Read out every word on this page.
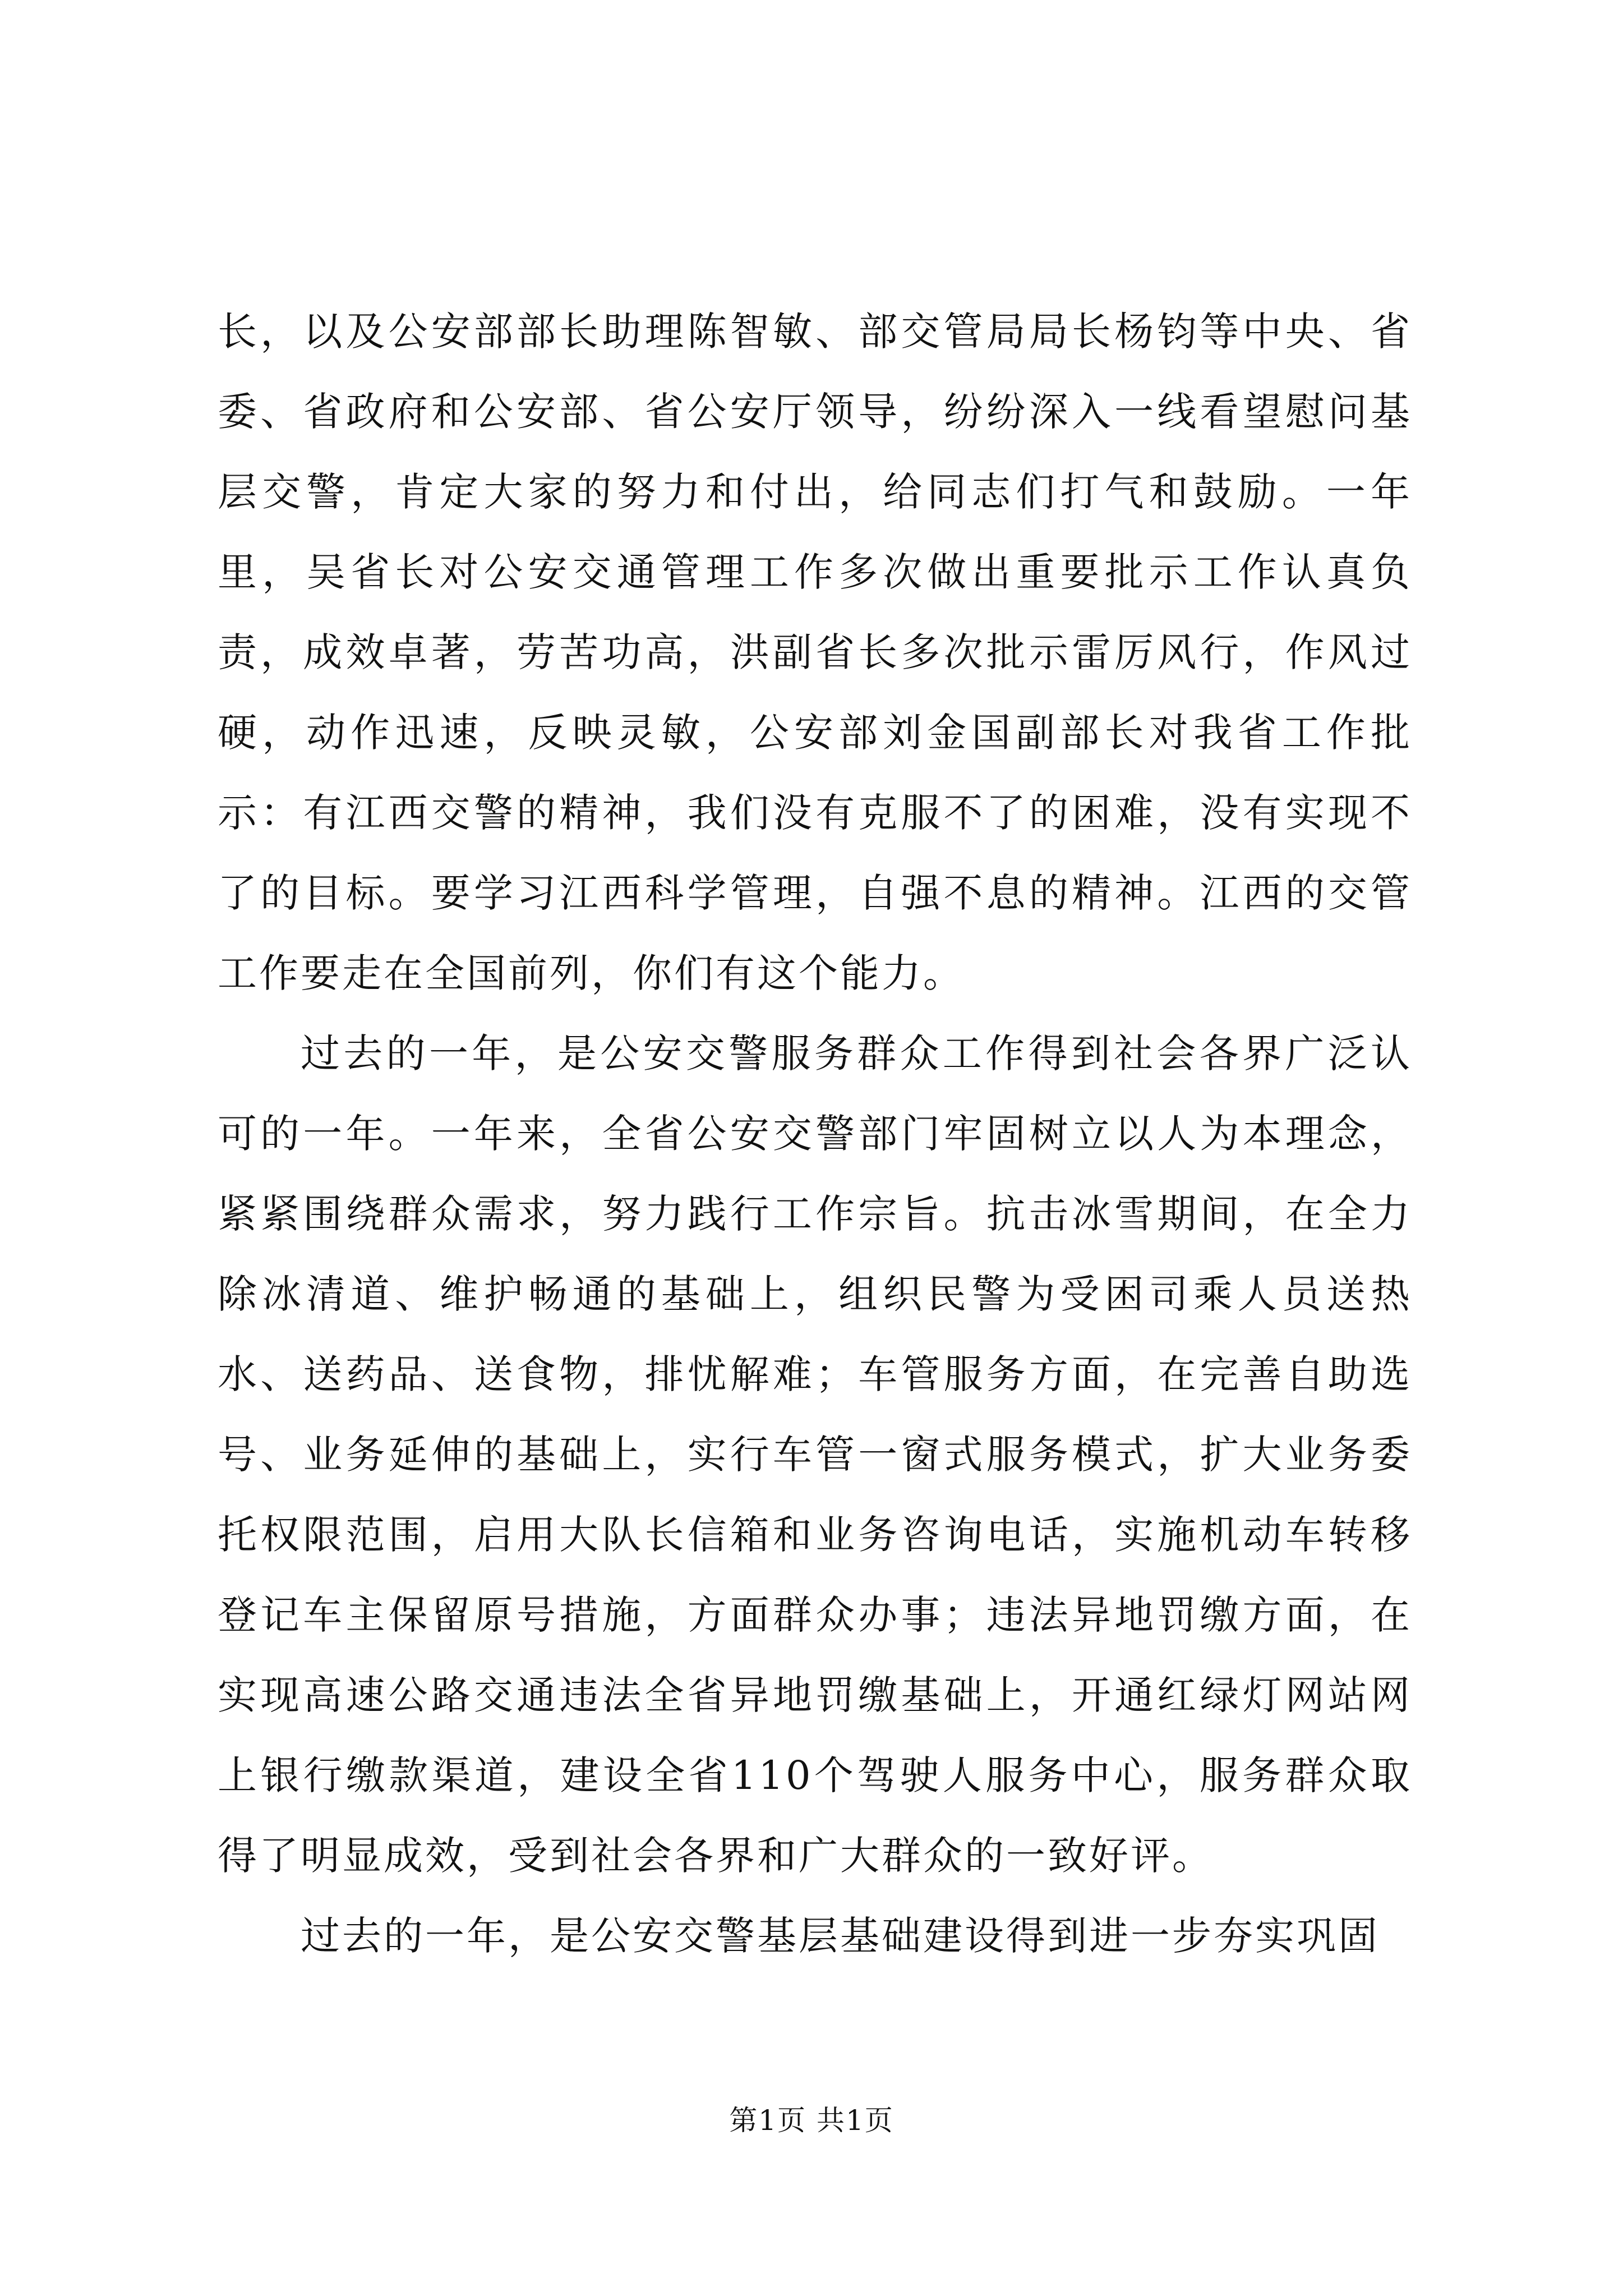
长，以及公安部部长助理陈智敏、部交管局局长杨钧等中央、省委、省政府和公安部、省公安厅领导，纷纷深入一线看望慰问基层交警，肯定大家的努力和付出，给同志们打气和鼓励。一年里，吴省长对公安交通管理工作多次做出重要批示工作认真负责，成效卓著，劳苦功高，洪副省长多次批示雷厉风行，作风过硬，动作迅速，反映灵敏，公安部刘金国副部长对我省工作批示：有江西交警的精神，我们没有克服不了的困难，没有实现不了的目标。要学习江西科学管理，自强不息的精神。江西的交管工作要走在全国前列，你们有这个能力。

过去的一年，是公安交警服务群众工作得到社会各界广泛认可的一年。一年来，全省公安交警部门牢固树立以人为本理念，紧紧围绕群众需求，努力践行工作宗旨。抗击冰雪期间，在全力除冰清道、维护畅通的基础上，组织民警为受困司乘人员送热水、送药品、送食物，排忧解难；车管服务方面，在完善自助选号、业务延伸的基础上，实行车管一窗式服务模式，扩大业务委托权限范围，启用大队长信箱和业务咨询电话，实施机动车转移登记车主保留原号措施，方面群众办事；违法异地罚缴方面，在实现高速公路交通违法全省异地罚缴基础上，开通红绿灯网站网上银行缴款渠道，建设全省110个驾驶人服务中心，服务群众取得了明显成效，受到社会各界和广大群众的一致好评。

过去的一年，是公安交警基层基础建设得到进一步夯实巩固

第1页 共1页
